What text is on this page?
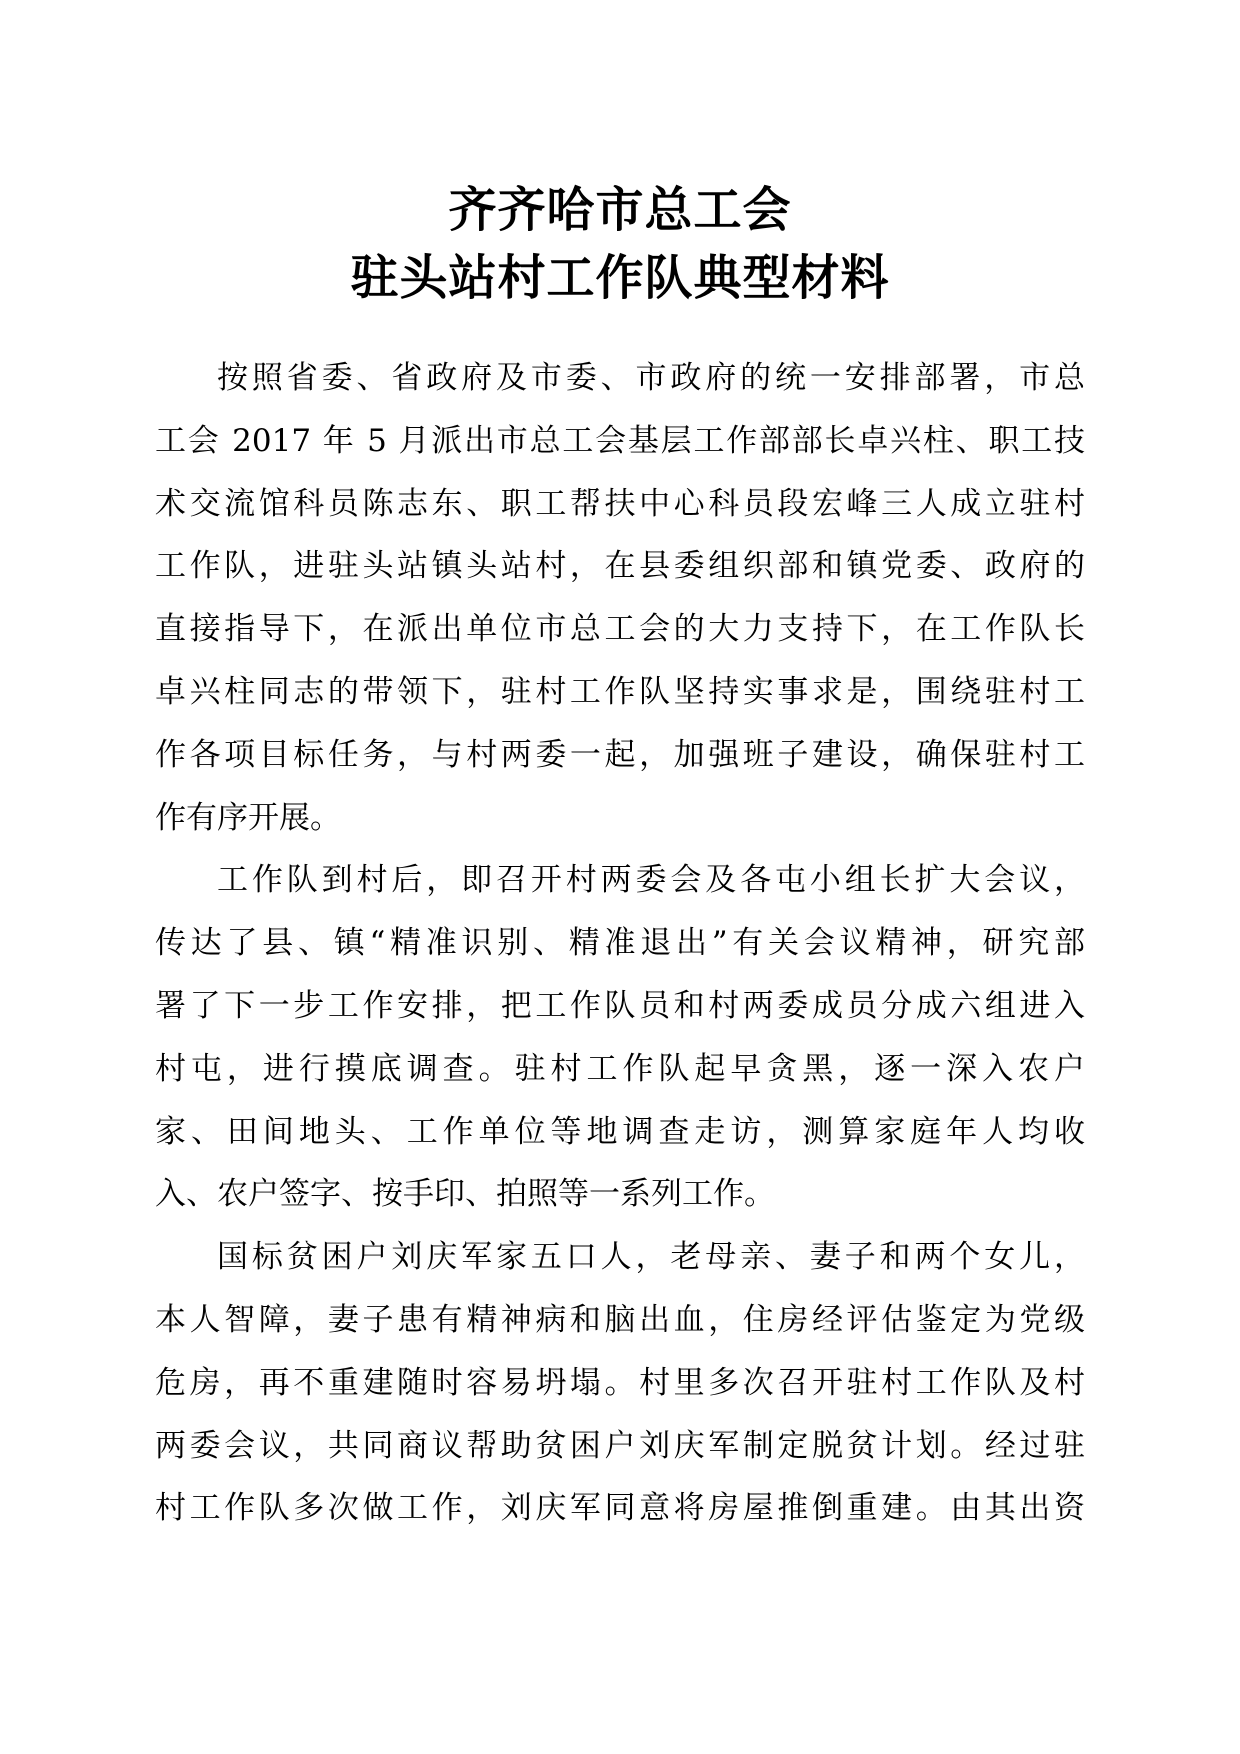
齐齐哈市总工会
驻头站村工作队典型材料
按照省委、省政府及市委、市政府的统一安排部署，市总
工会 2017 年 5 月派出市总工会基层工作部部长卓兴柱、职工技
术交流馆科员陈志东、职工帮扶中心科员段宏峰三人成立驻村
工作队，进驻头站镇头站村，在县委组织部和镇党委、政府的
直接指导下，在派出单位市总工会的大力支持下，在工作队长
卓兴柱同志的带领下，驻村工作队坚持实事求是，围绕驻村工
作各项目标任务，与村两委一起，加强班子建设，确保驻村工
作有序开展。
工作队到村后，即召开村两委会及各屯小组长扩大会议，
传达了县、镇“精准识别、精准退出”有关会议精神，研究部
署了下一步工作安排，把工作队员和村两委成员分成六组进入
村屯，进行摸底调查。驻村工作队起早贪黑，逐一深入农户
家、田间地头、工作单位等地调查走访，测算家庭年人均收
入、农户签字、按手印、拍照等一系列工作。
国标贫困户刘庆军家五口人，老母亲、妻子和两个女儿，
本人智障，妻子患有精神病和脑出血，住房经评估鉴定为党级
危房，再不重建随时容易坍塌。村里多次召开驻村工作队及村
两委会议，共同商议帮助贫困户刘庆军制定脱贫计划。经过驻
村工作队多次做工作，刘庆军同意将房屋推倒重建。由其出资
